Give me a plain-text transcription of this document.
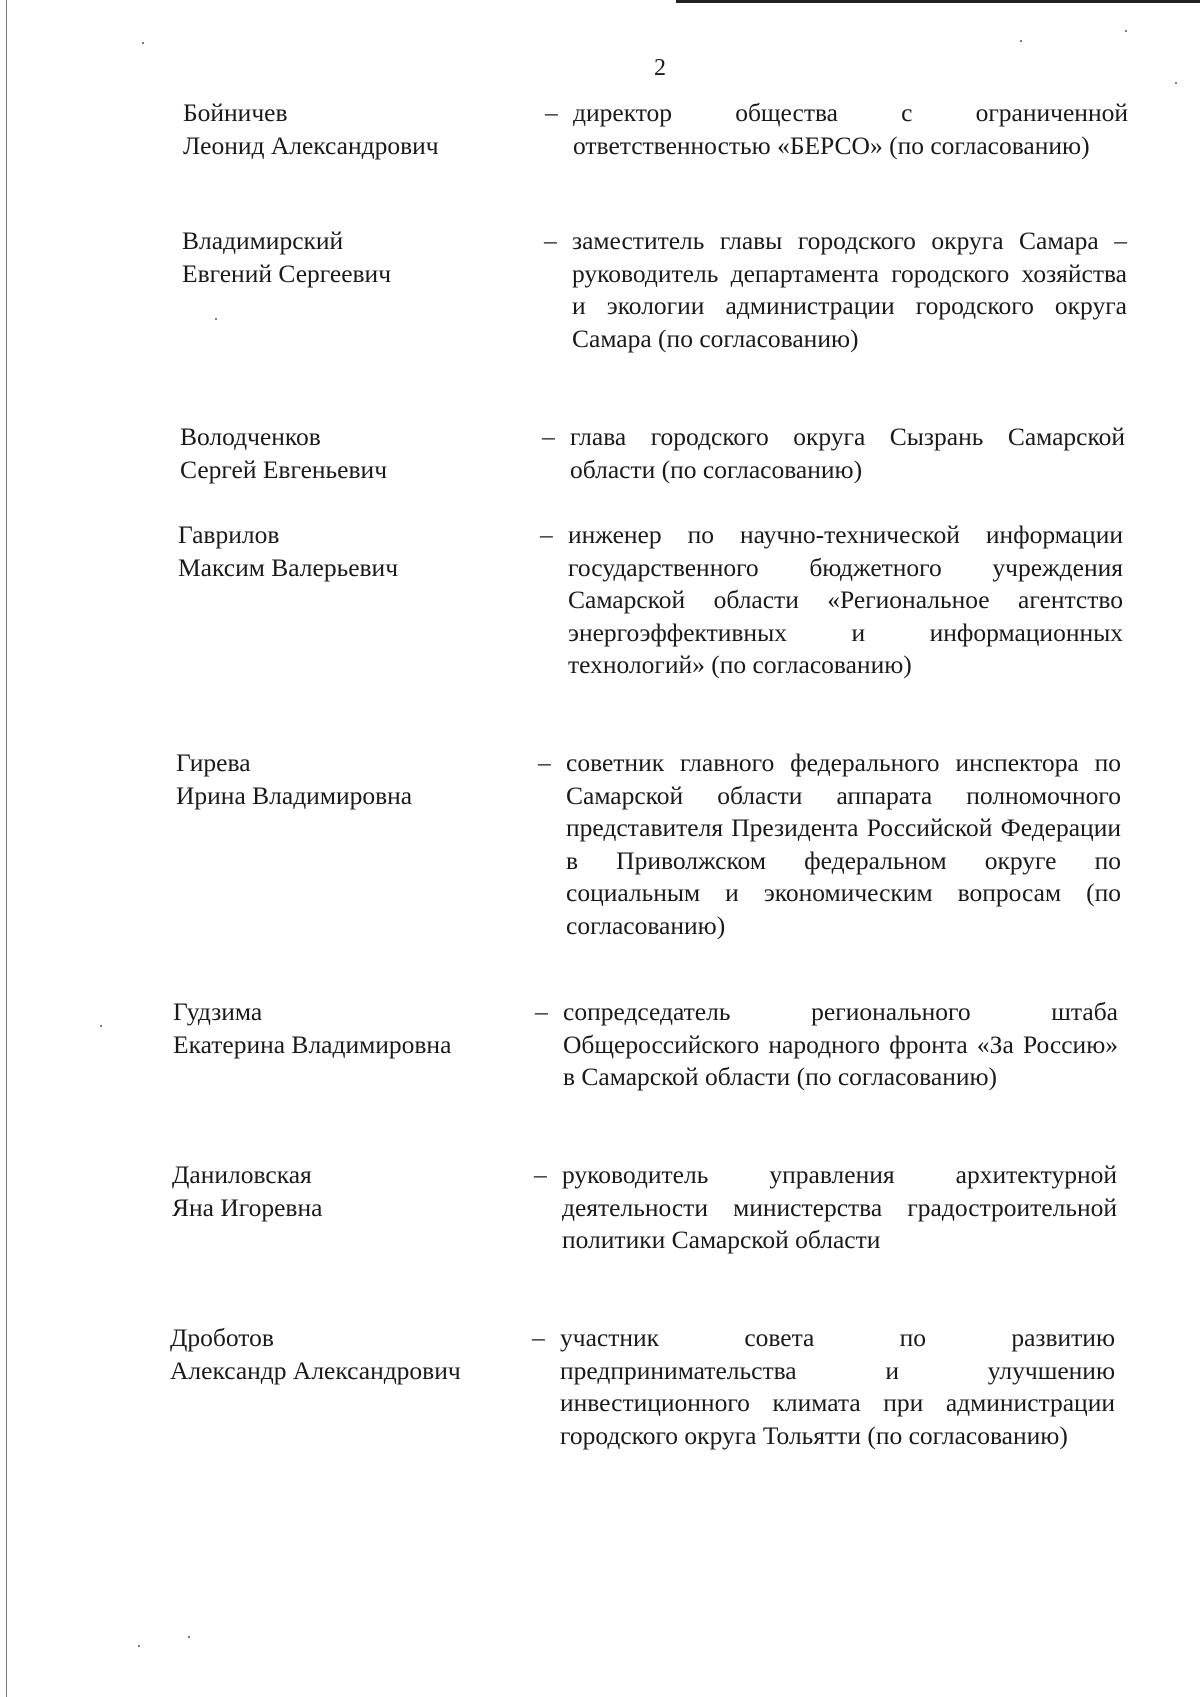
2
Бойничев
Леонид Александрович
– директор общества с ограниченной ответственностью «БЕРСО» (по согласованию)
Владимирский
Евгений Сергеевич
– заместитель главы городского округа Самара – руководитель департамента городского хозяйства и экологии администрации городского округа Самара (по согласованию)
Володченков
Сергей Евгеньевич
– глава городского округа Сызрань Самарской области (по согласованию)
Гаврилов
Максим Валерьевич
– инженер по научно-технической информации государственного бюджетного учреждения Самарской области «Региональное агентство энергоэффективных и информационных технологий» (по согласованию)
Гирева
Ирина Владимировна
– советник главного федерального инспектора по Самарской области аппарата полномочного представителя Президента Российской Федерации в Приволжском федеральном округе по социальным и экономическим вопросам (по согласованию)
Гудзима
Екатерина Владимировна
– сопредседатель регионального штаба Общероссийского народного фронта «За Россию» в Самарской области (по согласованию)
Даниловская
Яна Игоревна
– руководитель управления архитектурной деятельности министерства градостроительной политики Самарской области
Дроботов
Александр Александрович
– участник совета по развитию предпринимательства и улучшению инвестиционного климата при администрации городского округа Тольятти (по согласованию)
